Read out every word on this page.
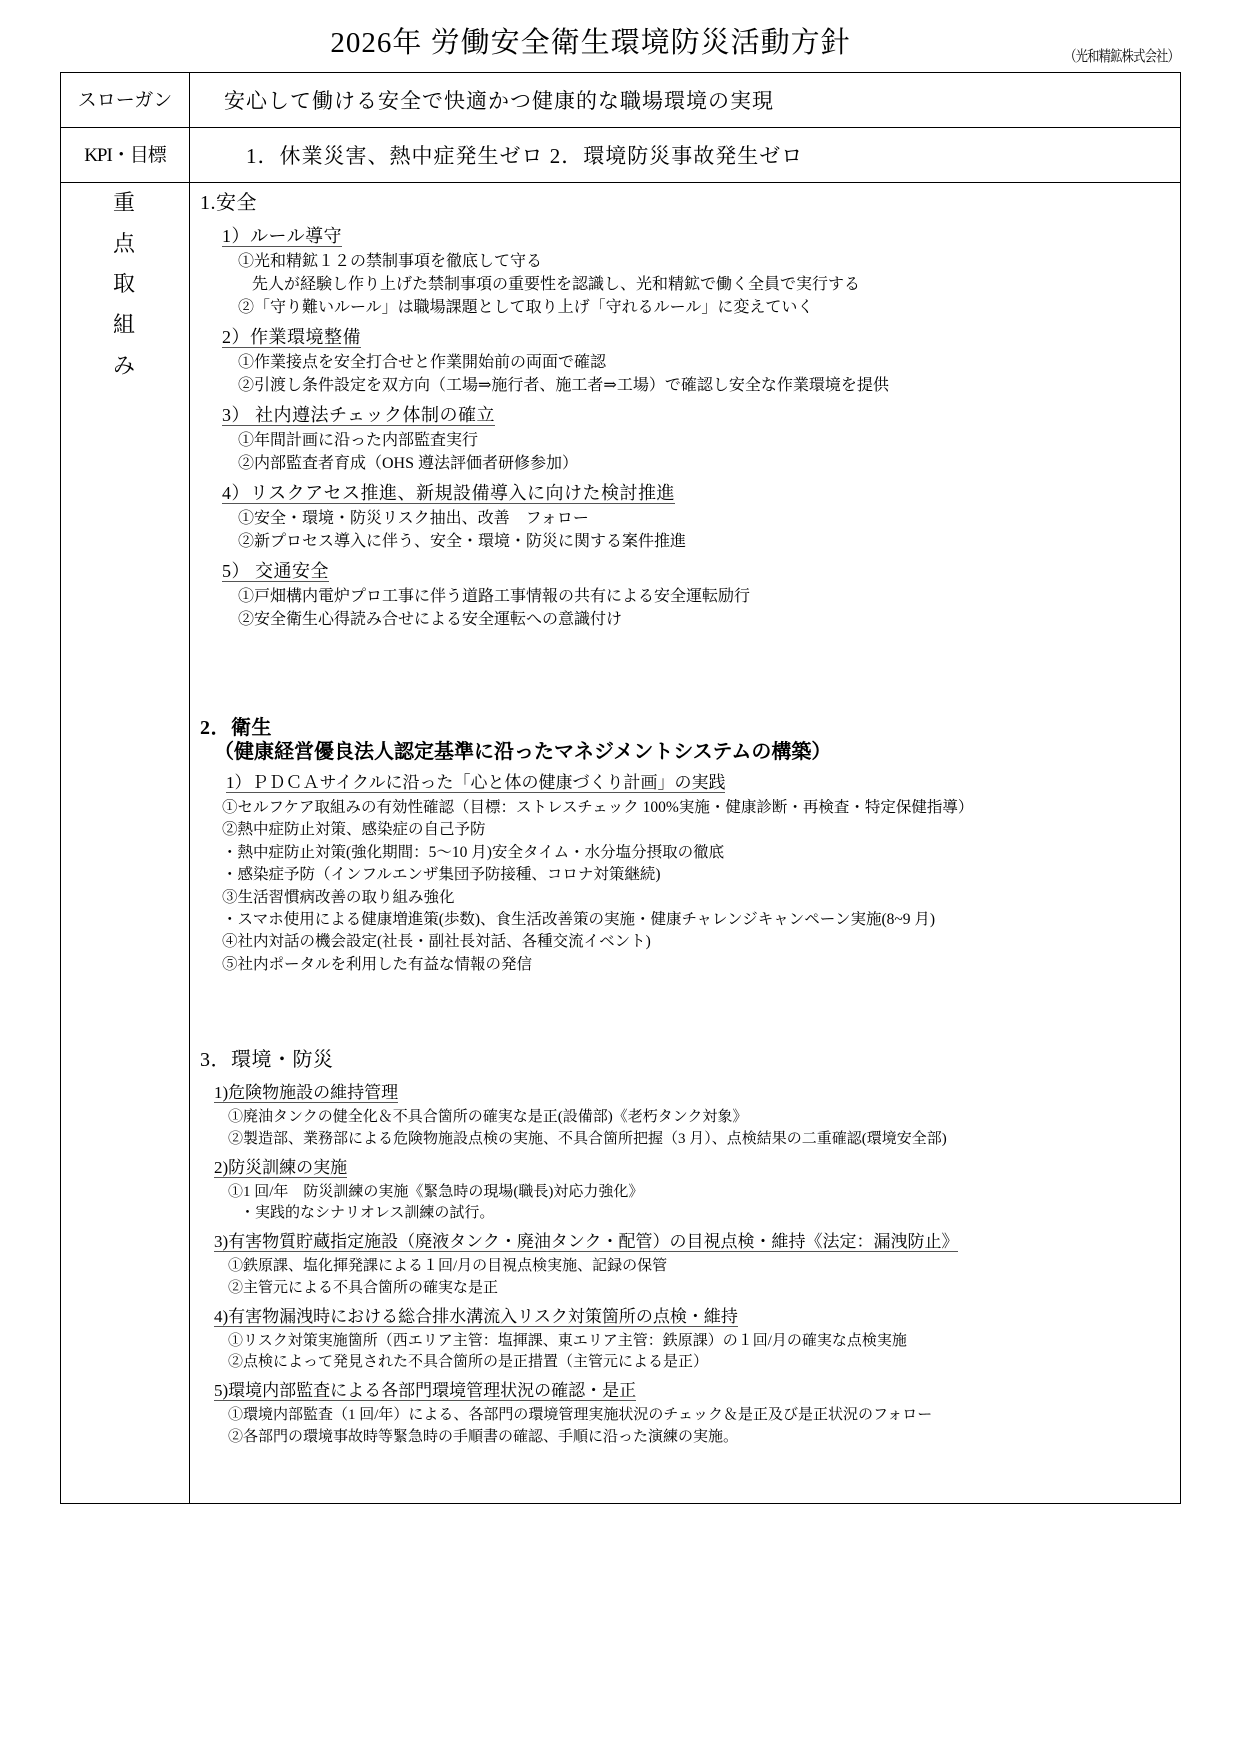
2026年 労働安全衛生環境防災活動方針	（光和精鉱株式会社）
スローガン	安心して働ける安全で快適かつ健康的な職場環境の実現
KPI・目標	1．休業災害、熱中症発生ゼロ 2．環境防災事故発生ゼロ

重
点
取
組
み

1.安全
1）ルール導守
①光和精鉱１２の禁制事項を徹底して守る
先人が経験し作り上げた禁制事項の重要性を認識し、光和精鉱で働く全員で実行する
②「守り難いルール」は職場課題として取り上げ「守れるルール」に変えていく
2）作業環境整備
①作業接点を安全打合せと作業開始前の両面で確認
②引渡し条件設定を双方向（工場⇒施行者、施工者⇒工場）で確認し安全な作業環境を提供
3） 社内遵法チェック体制の確立
①年間計画に沿った内部監査実行
②内部監査者育成（OHS 遵法評価者研修参加）
4）リスクアセス推進、新規設備導入に向けた検討推進
①安全・環境・防災リスク抽出、改善　フォロー
②新プロセス導入に伴う、安全・環境・防災に関する案件推進
5） 交通安全
①戸畑構内電炉プロ工事に伴う道路工事情報の共有による安全運転励行
②安全衛生心得読み合せによる安全運転への意識付け
2．衛生
（健康経営優良法人認定基準に沿ったマネジメントシステムの構築）
1）ＰＤＣＡサイクルに沿った「心と体の健康づくり計画」の実践
①セルフケア取組みの有効性確認（目標：ストレスチェック 100%実施・健康診断・再検査・特定保健指導）
②熱中症防止対策、感染症の自己予防
・熱中症防止対策(強化期間：5～10 月)安全タイム・水分塩分摂取の徹底
・感染症予防（インフルエンザ集団予防接種、コロナ対策継続)
③生活習慣病改善の取り組み強化
・スマホ使用による健康増進策(歩数)、食生活改善策の実施・健康チャレンジキャンペーン実施(8~9 月)
④社内対話の機会設定(社長・副社長対話、各種交流イベント)
⑤社内ポータルを利用した有益な情報の発信
3．環境・防災
1)危険物施設の維持管理
①廃油タンクの健全化＆不具合箇所の確実な是正(設備部)《老朽タンク対象》
②製造部、業務部による危険物施設点検の実施、不具合箇所把握（3 月）、点検結果の二重確認(環境安全部)
2)防災訓練の実施
①1 回/年　防災訓練の実施《緊急時の現場(職長)対応力強化》
・実践的なシナリオレス訓練の試行。
3)有害物質貯蔵指定施設（廃液タンク・廃油タンク・配管）の目視点検・維持《法定：漏洩防止》
①鉄原課、塩化揮発課による１回/月の目視点検実施、記録の保管
②主管元による不具合箇所の確実な是正
4)有害物漏洩時における総合排水溝流入リスク対策箇所の点検・維持
①リスク対策実施箇所（西エリア主管：塩揮課、東エリア主管：鉄原課）の１回/月の確実な点検実施
②点検によって発見された不具合箇所の是正措置（主管元による是正）
5)環境内部監査による各部門環境管理状況の確認・是正
①環境内部監査（1 回/年）による、各部門の環境管理実施状況のチェック＆是正及び是正状況のフォロー
②各部門の環境事故時等緊急時の手順書の確認、手順に沿った演練の実施。
